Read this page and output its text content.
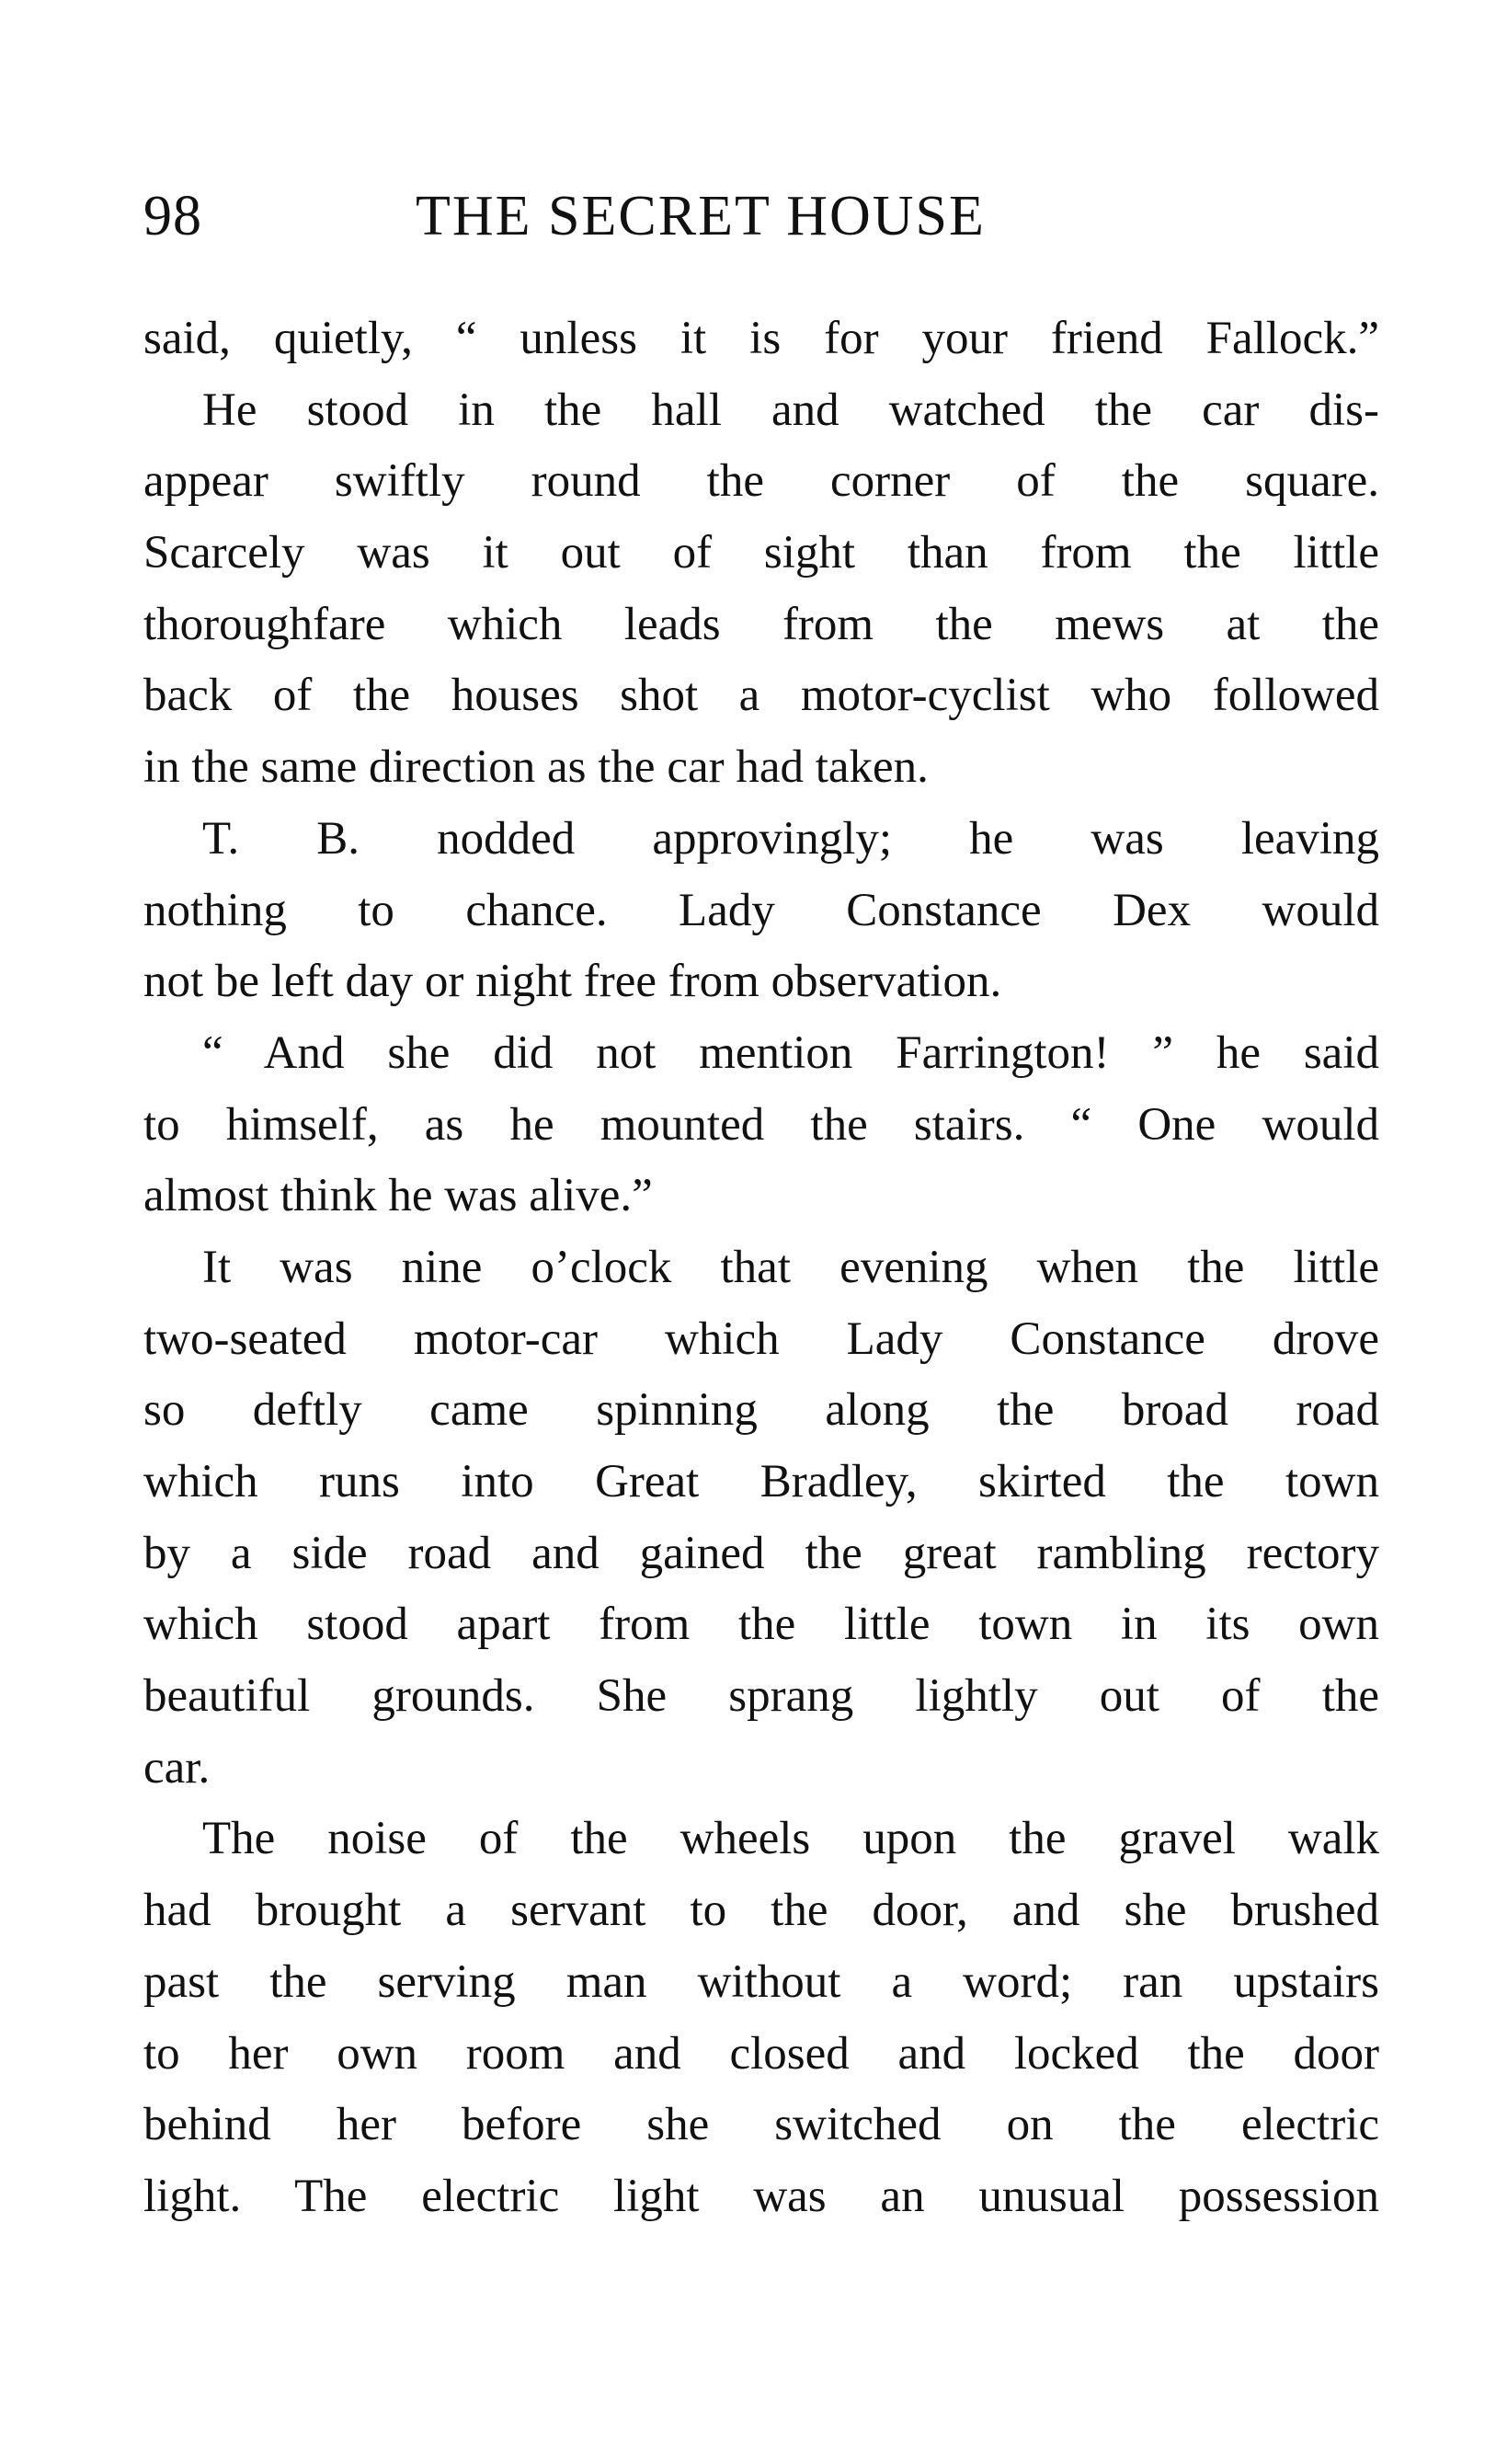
98	THE SECRET HOUSE
said, quietly, “ unless it is for your friend Fallock.”
He stood in the hall and watched the car dis-
appear swiftly round the corner of the square.
Scarcely was it out of sight than from the little
thoroughfare which leads from the mews at the
back of the houses shot a motor-cyclist who followed
in the same direction as the car had taken.
T. B. nodded approvingly; he was leaving
nothing to chance. Lady Constance Dex would
not be left day or night free from observation.
“ And she did not mention Farrington! ” he said
to himself, as he mounted the stairs. “ One would
almost think he was alive.”
It was nine o’clock that evening when the little
two-seated motor-car which Lady Constance drove
so deftly came spinning along the broad road
which runs into Great Bradley, skirted the town
by a side road and gained the great rambling rectory
which stood apart from the little town in its own
beautiful grounds. She sprang lightly out of the
car.
The noise of the wheels upon the gravel walk
had brought a servant to the door, and she brushed
past the serving man without a word; ran upstairs
to her own room and closed and locked the door
behind her before she switched on the electric
light. The electric light was an unusual possession
